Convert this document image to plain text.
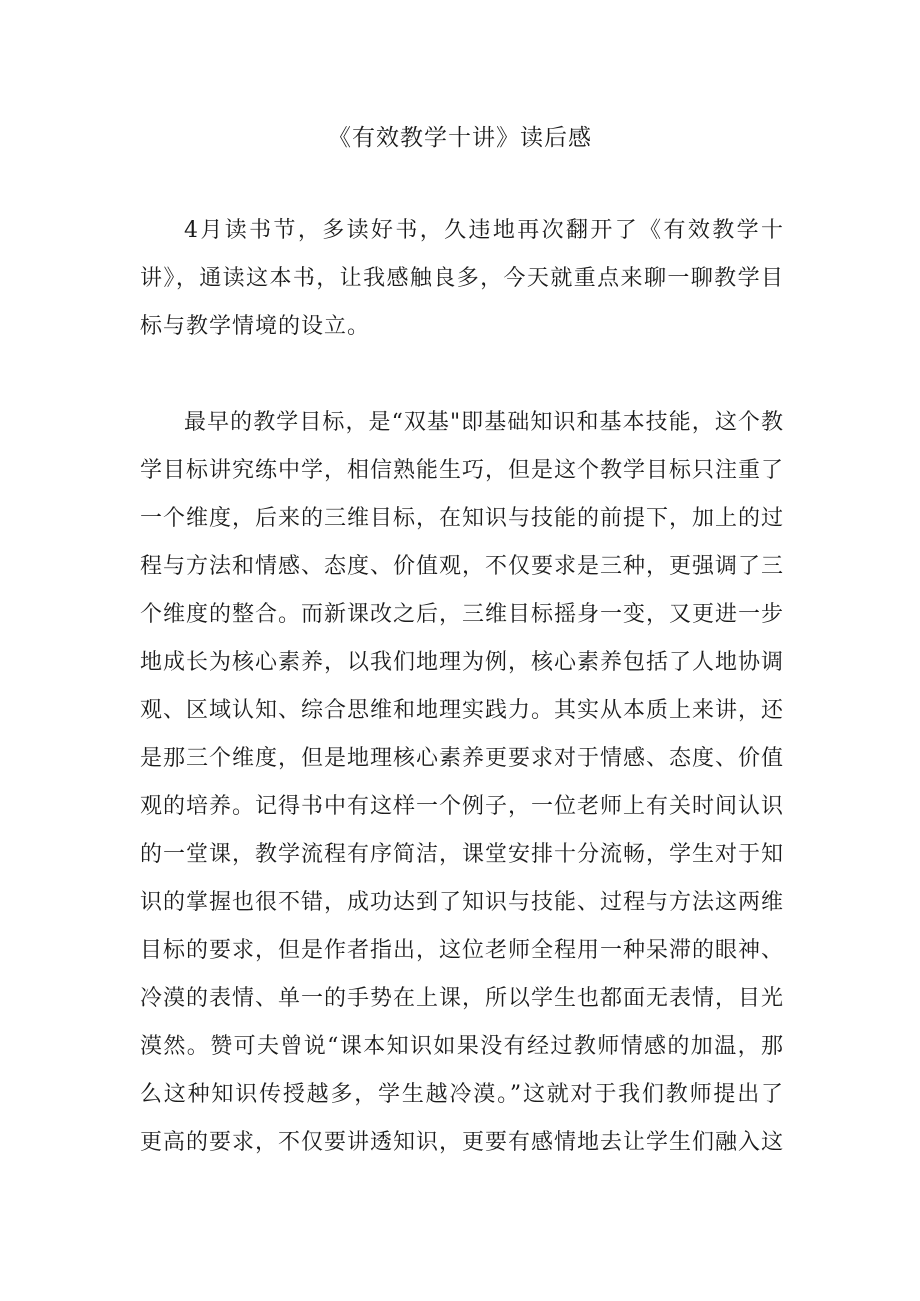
《有效教学十讲》读后感

4月读书节，多读好书，久违地再次翻开了《有效教学十讲》，通读这本书，让我感触良多，今天就重点来聊一聊教学目标与教学情境的设立。

最早的教学目标，是“双基"即基础知识和基本技能，这个教学目标讲究练中学，相信熟能生巧，但是这个教学目标只注重了一个维度，后来的三维目标，在知识与技能的前提下，加上的过程与方法和情感、态度、价值观，不仅要求是三种，更强调了三个维度的整合。而新课改之后，三维目标摇身一变，又更进一步地成长为核心素养，以我们地理为例，核心素养包括了人地协调观、区域认知、综合思维和地理实践力。其实从本质上来讲，还是那三个维度，但是地理核心素养更要求对于情感、态度、价值观的培养。记得书中有这样一个例子，一位老师上有关时间认识的一堂课，教学流程有序简洁，课堂安排十分流畅，学生对于知识的掌握也很不错，成功达到了知识与技能、过程与方法这两维目标的要求，但是作者指出，这位老师全程用一种呆滞的眼神、冷漠的表情、单一的手势在上课，所以学生也都面无表情，目光漠然。赞可夫曾说“课本知识如果没有经过教师情感的加温，那么这种知识传授越多，学生越冷漠。”这就对于我们教师提出了更高的要求，不仅要讲透知识，更要有感情地去让学生们融入这
